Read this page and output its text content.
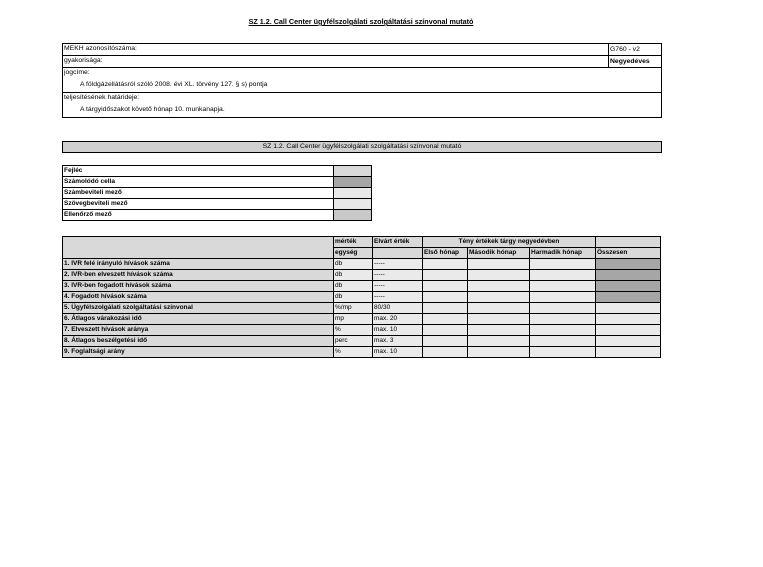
SZ 1.2. Call Center ügyfélszolgálati szolgáltatási színvonal mutató
MEKH azonosítószáma:	G760 - v2
gyakorisága:	Negyedéves
jogcíme:
A földgázellátásról szóló 2008. évi XL. törvény 127. § s) pontja
teljesítésének határideje:
A tárgyidőszakot követő hónap 10. munkanapja.
SZ 1.2. Call Center ügyfélszolgálati szolgáltatási színvonal mutató
Fejléc	
Számolódó cella	
Számbeviteli mező	
Szövegbeviteli mező	
Ellenőrző mező	
	mérték	Elvárt érték	Tény értékek tárgy negyedévben			
	egység		Első hónap	Második hónap	Harmadik hónap	Összesen
1. IVR felé irányuló hívások száma	db	-----				
2. IVR-ben elveszett hívások száma	db	-----				
3. IVR-ben fogadott hívások száma	db	-----				
4. Fogadott hívások száma	db	-----				
5. Ügyfélszolgálati szolgáltatási színvonal	%/mp	80/30				
6. Átlagos várakozási idő	mp	max. 20				
7. Elveszett hívások aránya	%	max. 10				
8. Átlagos beszélgetési idő	perc	max. 3				
9. Foglaltsági arány	%	max. 10				
